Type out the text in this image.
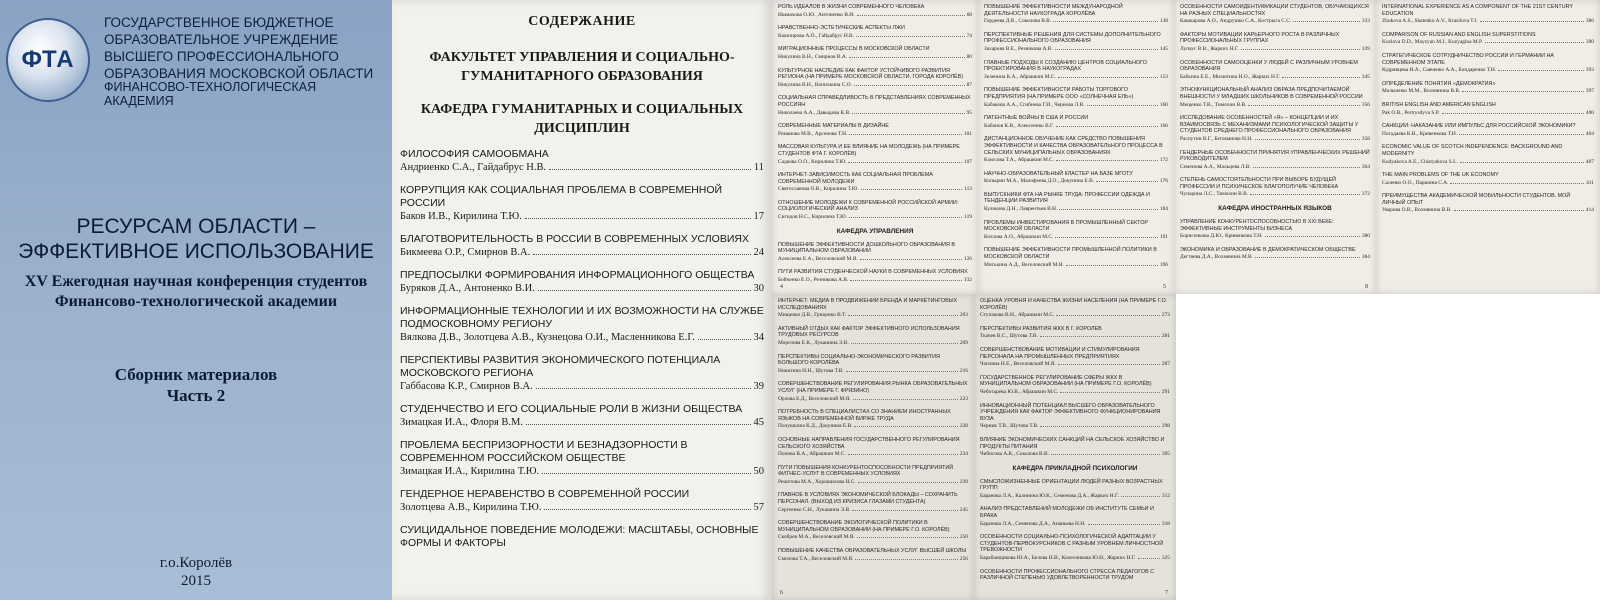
ФТА
ГОСУДАРСТВЕННОЕ БЮДЖЕТНОЕ ОБРАЗОВАТЕЛЬНОЕ УЧРЕЖДЕНИЕ ВЫСШЕГО ПРОФЕССИОНАЛЬНОГО ОБРАЗОВАНИЯ МОСКОВСКОЙ ОБЛАСТИ
ФИНАНСОВО-ТЕХНОЛОГИЧЕСКАЯ АКАДЕМИЯ
РЕСУРСАМ ОБЛАСТИ –
ЭФФЕКТИВНОЕ ИСПОЛЬЗОВАНИЕ
XV Ежегодная научная конференция студентов
Финансово-технологической академии
Сборник материалов
Часть 2
г.о.Королёв
2015
СОДЕРЖАНИЕ
ФАКУЛЬТЕТ УПРАВЛЕНИЯ И СОЦИАЛЬНО-
ГУМАНИТАРНОГО ОБРАЗОВАНИЯ
КАФЕДРА ГУМАНИТАРНЫХ И СОЦИАЛЬНЫХ
ДИСЦИПЛИН
ФИЛОСОФИЯ САМООБМАНА
Андриенко С.А., Гайдабрус Н.В.	11
КОРРУПЦИЯ КАК СОЦИАЛЬНАЯ ПРОБЛЕМА В СОВРЕМЕННОЙ РОССИИ
Баков И.В., Кирилина Т.Ю.	17
БЛАГОТВОРИТЕЛЬНОСТЬ В РОССИИ В СОВРЕМЕННЫХ УСЛОВИЯХ
Бикмеева О.Р., Смирнов В.А.	24
ПРЕДПОСЫЛКИ ФОРМИРОВАНИЯ ИНФОРМАЦИОННОГО ОБЩЕСТВА
Буряков Д.А., Антоненко В.И.	30
ИНФОРМАЦИОННЫЕ ТЕХНОЛОГИИ И ИХ ВОЗМОЖНОСТИ НА СЛУЖБЕ ПОДМОСКОВНОМУ РЕГИОНУ
Вялкова Д.В., Золотцева А.В., Кузнецова О.И., Масленникова Е.Г.	34
ПЕРСПЕКТИВЫ РАЗВИТИЯ ЭКОНОМИЧЕСКОГО ПОТЕНЦИАЛА МОСКОВСКОГО РЕГИОНА
Габбасова К.Р., Смирнов В.А.	39
СТУДЕНЧЕСТВО И ЕГО СОЦИАЛЬНЫЕ РОЛИ В ЖИЗНИ ОБЩЕСТВА
Зимацкая И.А., Флоря В.М.	45
ПРОБЛЕМА БЕСПРИЗОРНОСТИ И БЕЗНАДЗОРНОСТИ В СОВРЕМЕННОМ РОССИЙСКОМ ОБЩЕСТВЕ
Зимацкая И.А., Кирилина Т.Ю.	50
ГЕНДЕРНОЕ НЕРАВЕНСТВО В СОВРЕМЕННОЙ РОССИИ
Золотцева А.В., Кирилина Т.Ю.	57
СУИЦИДАЛЬНОЕ ПОВЕДЕНИЕ МОЛОДЕЖИ: МАСШТАБЫ, ОСНОВНЫЕ ФОРМЫ И ФАКТОРЫ
РОЛЬ ИДЕАЛОВ В ЖИЗНИ СОВРЕМЕННОГО ЧЕЛОВЕКА
Ишмахова О.Ю., Антоненко В.И.	68
НРАВСТВЕННО-ЭСТЕТИЧЕСКИЕ АСПЕКТЫ ЛЖИ
Кашпирова А.О., Гайдабрус Н.В.	74
МИГРАЦИОННЫЕ ПРОЦЕССЫ В МОСКОВСКОЙ ОБЛАСТИ
Никулина В.Н., Смирнов В.А.	80
КУЛЬТУРНОЕ НАСЛЕДИЕ КАК ФАКТОР УСТОЙЧИВОГО РАЗВИТИЯ РЕГИОНА (НА ПРИМЕРЕ МОСКОВСКОЙ ОБЛАСТИ, ГОРОДА КОРОЛЁВ)
Никулина В.Н., Вопилкина С.О.	87
СОЦИАЛЬНАЯ СПРАВЕДЛИВОСТЬ В ПРЕДСТАВЛЕНИЯХ СОВРЕМЕННЫХ РОССИЯН
Николаева А.А., Давыдова К.В.	95
СОВРЕМЕННЫЕ МАТЕРИАЛЫ В ДИЗАЙНЕ
Романова М.В., Арсенова Т.Н.	101
МАССОВАЯ КУЛЬТУРА И ЕЕ ВЛИЯНИЕ НА МОЛОДЕЖЬ (НА ПРИМЕРЕ СТУДЕНТОВ ФТА Г. КОРОЛЁВ)
Садкова О.О., Кирилина Т.Ю.	107
ИНТЕРНЕТ-ЗАВИСИМОСТЬ КАК СОЦИАЛЬНАЯ ПРОБЛЕМА СОВРЕМЕННОЙ МОЛОДЕЖИ
Святославова О.В., Кирилина Т.Ю.	113
ОТНОШЕНИЕ МОЛОДЕЖИ К СОВРЕМЕННОЙ РОССИЙСКОЙ АРМИИ: СОЦИОЛОГИЧЕСКИЙ АНАЛИЗ
Сигидов Н.С., Кирилина Т.Ю.	119
КАФЕДРА УПРАВЛЕНИЯ
ПОВЫШЕНИЕ ЭФФЕКТИВНОСТИ ДОШКОЛЬНОГО ОБРАЗОВАНИЯ В МУНИЦИПАЛЬНОМ ОБРАЗОВАНИИ
Алексеева Е.А., Веселовский М.Я.	126
ПУТИ РАЗВИТИЯ СТУДЕНЧЕСКОЙ НАУКИ В СОВРЕМЕННЫХ УСЛОВИЯХ
Бойченко Е.О., Резникова А.В.	132
4
ПОВЫШЕНИЕ ЭФФЕКТИВНОСТИ МЕЖДУНАРОДНОЙ ДЕЯТЕЛЬНОСТИ НАУКОГРАДА КОРОЛЁВА
Гордеева Д.В., Соколова В.В.	138
ПЕРСПЕКТИВНЫЕ РЕШЕНИЯ ДЛЯ СИСТЕМЫ ДОПОЛНИТЕЛЬНОГО ПРОФЕССИОНАЛЬНОГО ОБРАЗОВАНИЯ
Захарова В.Е., Резникова А.В.	145
ГЛАВНЫЕ ПОДХОДЫ К СОЗДАНИЮ ЦЕНТРОВ СОЦИАЛЬНОГО ПРОЕКТИРОВАНИЯ В НАУКОГРАДАХ
Зеленина К.А., Абрашкин М.С.	153
ПОВЫШЕНИЕ ЭФФЕКТИВНОСТИ РАБОТЫ ТОРГОВОГО ПРЕДПРИЯТИЯ (НА ПРИМЕРЕ ООО «СОЛНЕЧНАЯ ЕЛЬ»)
Кабакова А.А., Сгибнева Г.И., Чернова Л.В.	160
ПАТЕНТНЫЕ ВОЙНЫ В США И РОССИИ
Кабанов К.В., Алексеенко В.Г.	166
ДИСТАНЦИОННОЕ ОБУЧЕНИЕ КАК СРЕДСТВО ПОВЫШЕНИЯ ЭФФЕКТИВНОСТИ И КАЧЕСТВА ОБРАЗОВАТЕЛЬНОГО ПРОЦЕССА В СЕЛЬСКИХ МУНИЦИПАЛЬНЫХ ОБРАЗОВАНИЯХ
Клюсова Т.А., Абрашкин М.С.	172
НАУЧНО-ОБРАЗОВАТЕЛЬНЫЙ КЛАСТЕР НА БАЗЕ МГОТУ
Копырин М.А., Малофеева Д.О., Докунина Е.В.	176
ВЫПУСКНИКИ ФТА НА РЫНКЕ ТРУДА: ПРОФЕССИИ ОДЕЖДА И ТЕНДЕНЦИИ РАЗВИТИЯ
Куликова Д.Н., Лаврентьев В.Н.	184
ПРОБЛЕМЫ ИНВЕСТИРОВАНИЯ В ПРОМЫШЛЕННЫЙ СЕКТОР МОСКОВСКОЙ ОБЛАСТИ
Козлова А.О., Абрашкин М.С.	191
ПОВЫШЕНИЕ ЭФФЕКТИВНОСТИ ПРОМЫШЛЕННОЙ ПОЛИТИКИ В МОСКОВСКОЙ ОБЛАСТИ
Митькина А.Д., Веселовский М.Я.	196
5
ОСОБЕННОСТИ САМОИДЕНТИФИКАЦИИ СТУДЕНТОВ, ОБУЧАЮЩИХСЯ НА РАЗНЫХ СПЕЦИАЛЬНОСТЯХ
Кашкарова А.О., Андрушко С.А., Кострыга С.С.	333
ФАКТОРЫ МОТИВАЦИИ КАРЬЕРНОГО РОСТА В РАЗЛИЧНЫХ ПРОФЕССИОНАЛЬНЫХ ГРУППАХ
Лупаус В.В., Жарких Н.Г.	339
ОСОБЕННОСТИ САМООЦЕНКИ У ЛЮДЕЙ С РАЗЛИЧНЫМ УРОВНЕМ ОБРАЗОВАНИЯ
Бабкина Е.Е., Милютина Н.О., Жарких Н.Г.	345
ЭТНОФУНКЦИОНАЛЬНЫЙ АНАЛИЗ ОБРАЗА ПРЕДПОЧИТАЕМОЙ ВНЕШНОСТИ У МЛАДШИХ ШКОЛЬНИКОВ В СОВРЕМЕННОЙ РОССИИ
Мещенко Т.В., Тимохин В.В.	356
ИССЛЕДОВАНИЕ ОСОБЕННОСТЕЙ «Я» – КОНЦЕПЦИИ И ИХ ВЗАИМОСВЯЗЬ С МЕХАНИЗМАМИ ПСИХОЛОГИЧЕСКОЙ ЗАЩИТЫ У СТУДЕНТОВ СРЕДНЕГО ПРОФЕССИОНАЛЬНОГО ОБРАЗОВАНИЯ
Распутин В.Г., Бегоманова Н.Н.	358
ГЕНДЕРНЫЕ ОСОБЕННОСТИ ПРИНЯТИЯ УПРАВЛЕНЧЕСКИХ РЕШЕНИЙ РУКОВОДИТЕЛЕМ
Семенова А.А., Мальцева Л.В.	364
СТЕПЕНЬ САМОСТОЯТЕЛЬНОСТИ ПРИ ВЫБОРЕ БУДУЩЕЙ ПРОФЕССИИ И ПСИХИЧЕСКОЕ БЛАГОПОЛУЧИЕ ЧЕЛОВЕКА
Чупарина Л.С., Тимохин В.В.	372
КАФЕДРА ИНОСТРАННЫХ ЯЗЫКОВ
УПРАВЛЕНИЕ КОНКУРЕНТОСПОСОБНОСТЬЮ В XXI ВЕКЕ: ЭФФЕКТИВНЫЕ ИНСТРУМЕНТЫ БИЗНЕСА
Борисенкова Д.Ю., Кривенкова Т.Н.	380
ЭКОНОМИКА И ОБРАЗОВАНИЕ В ДЕМОКРАТИЧЕСКОМ ОБЩЕСТВЕ
Дегтяева Д.А., Вохмянина М.В.	384
8
INTERNATIONAL EXPERIENCE AS A COMPONENT OF THE 21ST CENTURY EDUCATION
Zhukova A.S., Shatenko A.V., Krasilova T.I.	386
COMPARISON OF RUSSIAN AND ENGLISH SUPERSTITIONS
Kozlova D.D., Mayzyan M.I., Kuzyagina M.P.	390
СТРАТЕГИЧЕСКОЕ СОТРУДНИЧЕСТВО РОССИИ И ГЕРМАНИИ НА СОВРЕМЕННОМ ЭТАПЕ
Кудрявцева Н.А., Савченко А.А., Бондаренко Т.Н.	393
ОПРЕДЕЛЕНИЕ ПОНЯТИЯ «ДЕМОКРАТИЯ»
Мальченко М.М., Вохмянина В.В.	397
BRITISH ENGLISH AND AMERICAN ENGLISH
Pak O.B., Pertrysdyva S.P.	400
САНКЦИИ: НАКАЗАНИЕ ИЛИ ИМПУЛЬС ДЛЯ РОССИЙСКОЙ ЭКОНОМИКИ?
Погадаева К.В., Кривенкова Т.Н.	404
ECONOMIC VALUE OF SCOTCH INDEPENDENCE: BACKGROUND AND MODERNITY
Kudyakova A.E., Chistyakova S.L.	407
THE MAIN PROBLEMS OF THE UK ECONOMY
Саленко О.О., Паршина С.А.	411
ПРЕИМУЩЕСТВА АКАДЕМИЧЕСКОЙ МОБИЛЬНОСТИ СТУДЕНТОВ. МОЙ ЛИЧНЫЙ ОПЫТ
Уварова О.В., Вохмянина В.В.	414
ИНТЕРНЕТ: МЕДИА В ПРОДВИЖЕНИИ БРЕНДА И МАРКЕТИНГОВЫХ ИССЛЕДОВАНИЯХ
Мищенко Д.В., Гриценко В.Т.	203
АКТИВНЫЙ ОТДЫХ КАК ФАКТОР ЭФФЕКТИВНОГО ИСПОЛЬЗОВАНИЯ ТРУДОВЫХ РЕСУРСОВ
Морозова Е.К., Лукашина Э.В.	209
ПЕРСПЕКТИВЫ СОЦИАЛЬНО-ЭКОНОМИЧЕСКОГО РАЗВИТИЯ БОЛЬШОГО КОРОЛЁВА
Никитина Н.Н., Шутова Т.В.	216
СОВЕРШЕНСТВОВАНИЕ РЕГУЛИРОВАНИЯ РЫНКА ОБРАЗОВАТЕЛЬНЫХ УСЛУГ (НА ПРИМЕРЕ Г. ФРЯЗИНО)
Орлова Е.Д., Веселовский М.Я.	223
ПОТРЕБНОСТЬ В СПЕЦИАЛИСТАХ СО ЗНАНИЕМ ИНОСТРАННЫХ ЯЗЫКОВ НА СОВРЕМЕННОЙ БИРЖЕ ТРУДА
Полушкина К.Д., Докунина Е.В.	228
ОСНОВНЫЕ НАПРАВЛЕНИЯ ГОСУДАРСТВЕННОГО РЕГУЛИРОВАНИЯ СЕЛЬСКОГО ХОЗЯЙСТВА
Попова В.А., Абрашкин М.С.	234
ПУТИ ПОВЫШЕНИЯ КОНКУРЕНТОСПОСОБНОСТИ ПРЕДПРИЯТИЙ ФИТНЕС-УСЛУГ В СОВРЕМЕННЫХ УСЛОВИЯХ
Решетова М.А., Хорошилова Н.С.	239
ГЛАВНОЕ В УСЛОВИЯХ ЭКОНОМИЧЕСКОЙ БЛОКАДЫ – СОХРАНИТЬ ПЕРСОНАЛ. (ВЫХОД ИЗ КРИЗИСА ГЛАЗАМИ СТУДЕНТА)
Сергеенко С.Н., Лукашина Э.В.	245
СОВЕРШЕНСТВОВАНИЕ ЭКОЛОГИЧЕСКОЙ ПОЛИТИКИ В МУНИЦИПАЛЬНОМ ОБРАЗОВАНИИ (НА ПРИМЕРЕ Г.О. КОРОЛЁВ)
Скобрев М.А., Веселовский М.Я.	250
ПОВЫШЕНИЕ КАЧЕСТВА ОБРАЗОВАТЕЛЬНЫХ УСЛУГ ВЫСШЕЙ ШКОЛЫ
Смолова Т.А., Веселовский М.Я.	256
6
ОЦЕНКА УРОВНЯ И КАЧЕСТВА ЖИЗНИ НАСЕЛЕНИЯ (НА ПРИМЕРЕ Г.О. КОРОЛЁВ)
Ступакова В.Н., Абрашкин М.С.	273
ПЕРСПЕКТИВЫ РАЗВИТИЯ ЖКХ В Г. КОРОЛЕВ
Ткачев В.С., Шутова Т.В.	281
СОВЕРШЕНСТВОВАНИЕ МОТИВАЦИИ И СТИМУЛИРОВАНИЯ ПЕРСОНАЛА НА ПРОМЫШЛЕННЫХ ПРЕДПРИЯТИЯХ
Чаплина Н.Е., Веселовский М.Я.	287
ГОСУДАРСТВЕННОЕ РЕГУЛИРОВАНИЕ СФЕРЫ ЖКХ В МУНИЦИПАЛЬНОМ ОБРАЗОВАНИИ (НА ПРИМЕРЕ Г.О. КОРОЛЁВ)
Чеботарева Ю.В., Абрашкин М.С.	291
ИННОВАЦИОННЫЙ ПОТЕНЦИАЛ ВЫСШЕГО ОБРАЗОВАТЕЛЬНОГО УЧРЕЖДЕНИЯ КАК ФАКТОР ЭФФЕКТИВНОГО ФУНКЦИОНИРОВАНИЯ ВУЗА
Черник Т.В., Шутова Т.В.	298
ВЛИЯНИЕ ЭКОНОМИЧЕСКИХ САНКЦИЙ НА СЕЛЬСКОЕ ХОЗЯЙСТВО И ПРОДУКТЫ ПИТАНИЯ
Чибисова А.К., Соколова В.В.	305
КАФЕДРА ПРИКЛАДНОЙ ПСИХОЛОГИИ
СМЫСЛОЖИЗНЕННЫЕ ОРИЕНТАЦИИ ЛЮДЕЙ РАЗНЫХ ВОЗРАСТНЫХ ГРУПП
Баранова Л.А., Калинина Ю.К., Семенова Д.А., Жарких Н.Г.	312
АНАЛИЗ ПРЕДСТАВЛЕНИЙ МОЛОДЕЖИ ОБ ИНСТИТУТЕ СЕМЬИ И БРАКА
Баранова Л.А., Семенова Д.А., Ананьева Н.Н.	318
ОСОБЕННОСТИ СОЦИАЛЬНО-ПСИХОЛОГИЧЕСКОЙ АДАПТАЦИИ У СТУДЕНТОВ-ПЕРВОКУРСНИКОВ С РАЗНЫМ УРОВНЕМ ЛИЧНОСТНОЙ ТРЕВОЖНОСТИ
Барабанщикова Ю.А., Белова Н.В., Колесникова Ю.Н., Жарких Н.Г.	325
ОСОБЕННОСТИ ПРОФЕССИОНАЛЬНОГО СТРЕССА ПЕДАГОГОВ С РАЗЛИЧНОЙ СТЕПЕНЬЮ УДОВЛЕТВОРЕННОСТИ ТРУДОМ
7
